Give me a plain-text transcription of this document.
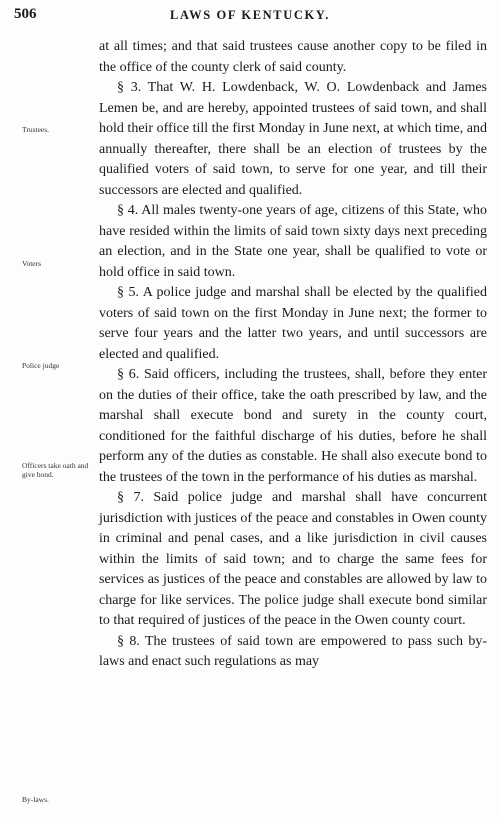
506	LAWS OF KENTUCKY.
Trustees.
Voters
Police judge
Officers take oath and give bond.
By-laws.

at all times; and that said trustees cause another copy to be filed in the office of the county clerk of said county.

§ 3. That W. H. Lowdenback, W. O. Lowdenback and James Lemen be, and are hereby, appointed trustees of said town, and shall hold their office till the first Monday in June next, at which time, and annually thereafter, there shall be an election of trustees by the qualified voters of said town, to serve for one year, and till their successors are elected and qualified.

§ 4. All males twenty-one years of age, citizens of this State, who have resided within the limits of said town sixty days next preceding an election, and in the State one year, shall be qualified to vote or hold office in said town.

§ 5. A police judge and marshal shall be elected by the qualified voters of said town on the first Monday in June next; the former to serve four years and the latter two years, and until successors are elected and qualified.

§ 6. Said officers, including the trustees, shall, before they enter on the duties of their office, take the oath prescribed by law, and the marshal shall execute bond and surety in the county court, conditioned for the faithful discharge of his duties, before he shall perform any of the duties as constable. He shall also execute bond to the trustees of the town in the performance of his duties as marshal.

§ 7. Said police judge and marshal shall have concurrent jurisdiction with justices of the peace and constables in Owen county in criminal and penal cases, and a like jurisdiction in civil causes within the limits of said town; and to charge the same fees for services as justices of the peace and constables are allowed by law to charge for like services. The police judge shall execute bond similar to that required of justices of the peace in the Owen county court.

§ 8. The trustees of said town are empowered to pass such by-laws and enact such regulations as may
